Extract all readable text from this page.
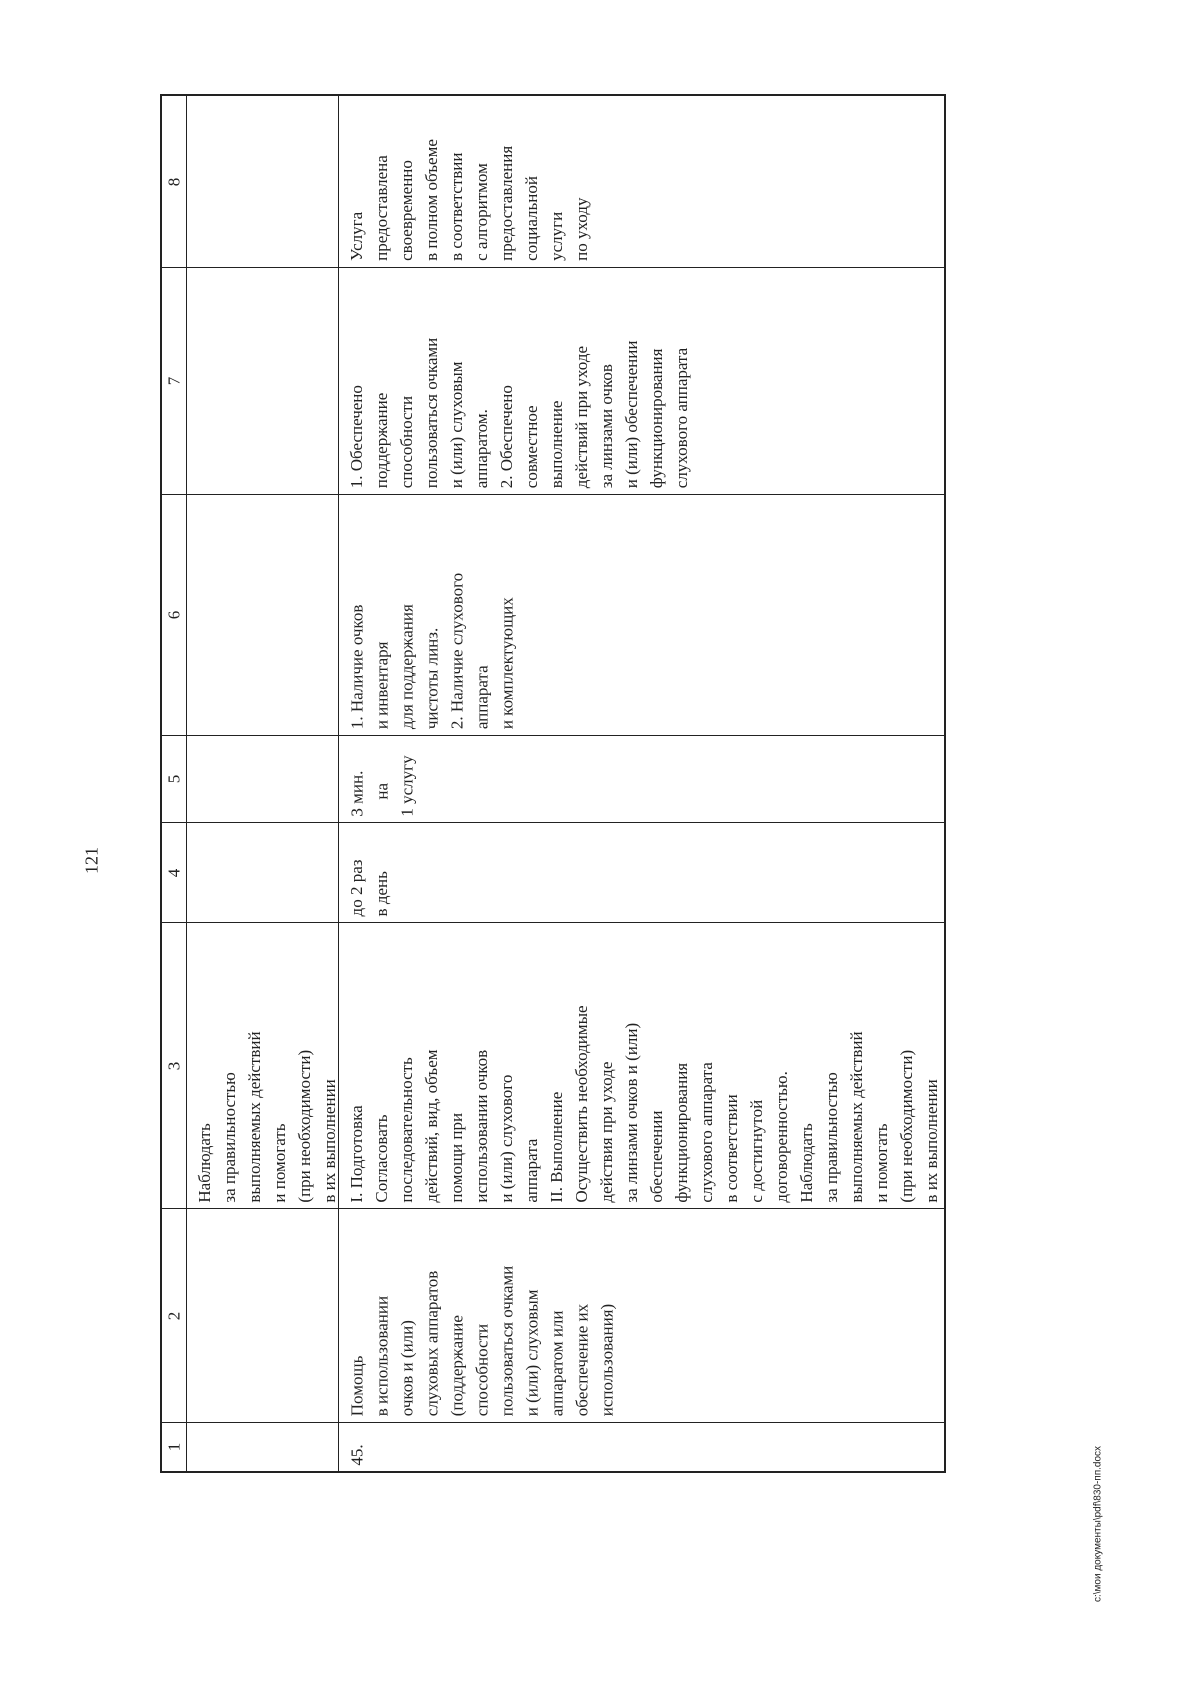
121
8
7
6
5
4
3
2
1
Наблюдать
за правильностью
выполняемых действий
и помогать
(при необходимости)
в их выполнении
Услуга
предоставлена
своевременно
в полном объеме
в соответствии
с алгоритмом
предоставления
социальной
услуги
по уходу
1. Обеспечено
поддержание
способности
пользоваться очками
и (или) слуховым
аппаратом.
2. Обеспечено
совместное
выполнение
действий при уходе
за линзами очков
и (или) обеспечении
функционирования
слухового аппарата
1. Наличие очков
и инвентаря
для поддержания
чистоты линз.
2. Наличие слухового
аппарата
и комплектующих
3 мин.
на
1 услугу
до 2 раз
в день
I. Подготовка
Согласовать
последовательность
действий, вид, объем
помощи при
использовании очков
и (или) слухового
аппарата
II. Выполнение
Осуществить необходимые
действия при уходе
за линзами очков и (или)
обеспечении
функционирования
слухового аппарата
в соответствии
с достигнутой
договоренностью.
Наблюдать
за правильностью
выполняемых действий
и помогать
(при необходимости)
в их выполнении
Помощь
в использовании
очков и (или)
слуховых аппаратов
(поддержание
способности
пользоваться очками
и (или) слуховым
аппаратом или
обеспечение их
использования)
45.	c:\мои документы\pdf\830-пп.docx
